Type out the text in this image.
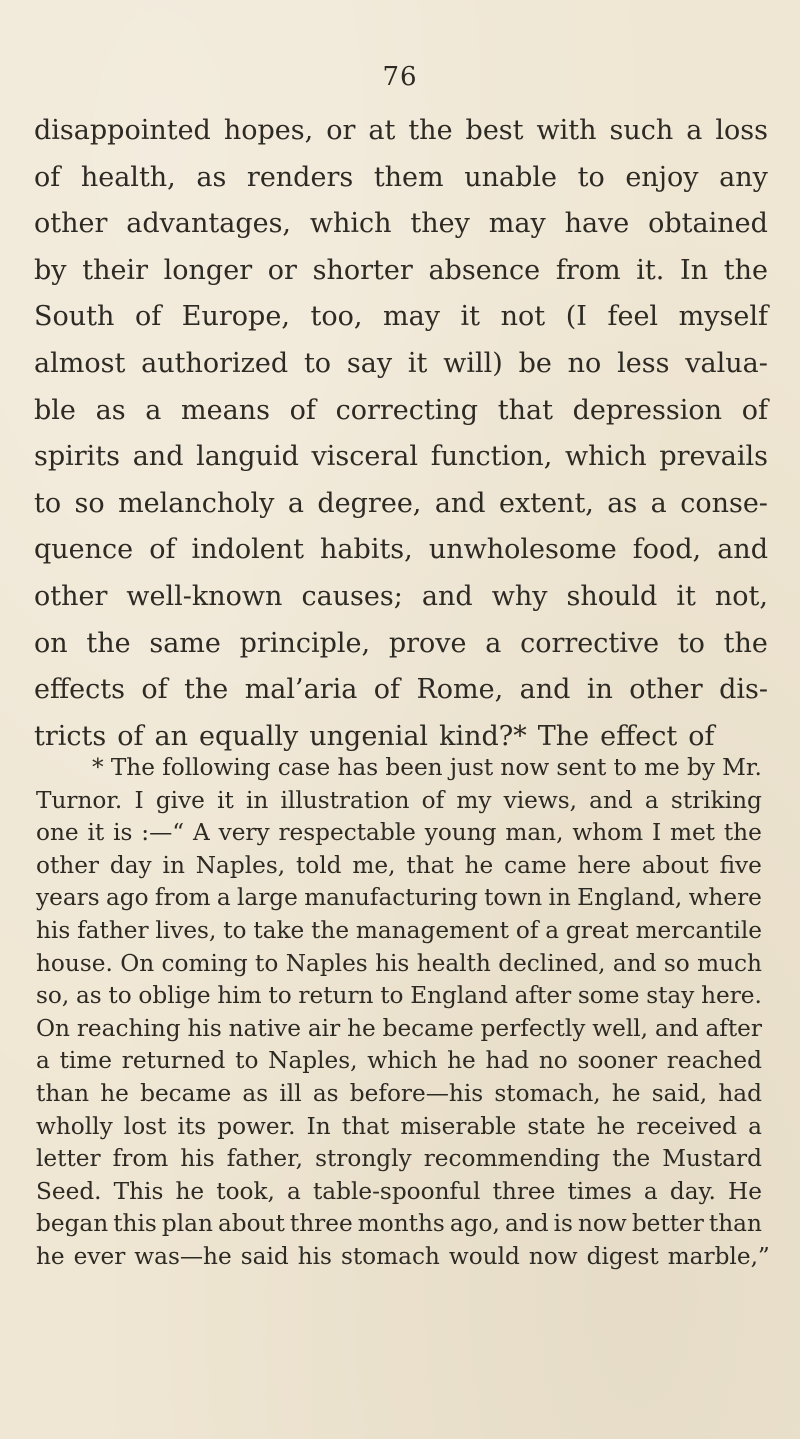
76
disappointed hopes, or at the best with such a loss
of health, as renders them unable to enjoy any
other advantages, which they may have obtained
by their longer or shorter absence from it. In the
South of Europe, too, may it not (I feel myself
almost authorized to say it will) be no less valua-
ble as a means of correcting that depression of
spirits and languid visceral function, which prevails
to so melancholy a degree, and extent, as a conse-
quence of indolent habits, unwholesome food, and
other well-known causes; and why should it not,
on the same principle, prove a corrective to the
effects of the mal’aria of Rome, and in other dis-
tricts of an equally ungenial kind?* The effect of
* The following case has been just now sent to me by Mr.
Turnor. I give it in illustration of my views, and a striking
one it is :—“ A very respectable young man, whom I met the
other day in Naples, told me, that he came here about five
years ago from a large manufacturing town in England, where
his father lives, to take the management of a great mercantile
house. On coming to Naples his health declined, and so much
so, as to oblige him to return to England after some stay here.
On reaching his native air he became perfectly well, and after
a time returned to Naples, which he had no sooner reached
than he became as ill as before—his stomach, he said, had
wholly lost its power. In that miserable state he received a
letter from his father, strongly recommending the Mustard
Seed. This he took, a table-spoonful three times a day. He
began this plan about three months ago, and is now better than
he ever was—he said his stomach would now digest marble,”
